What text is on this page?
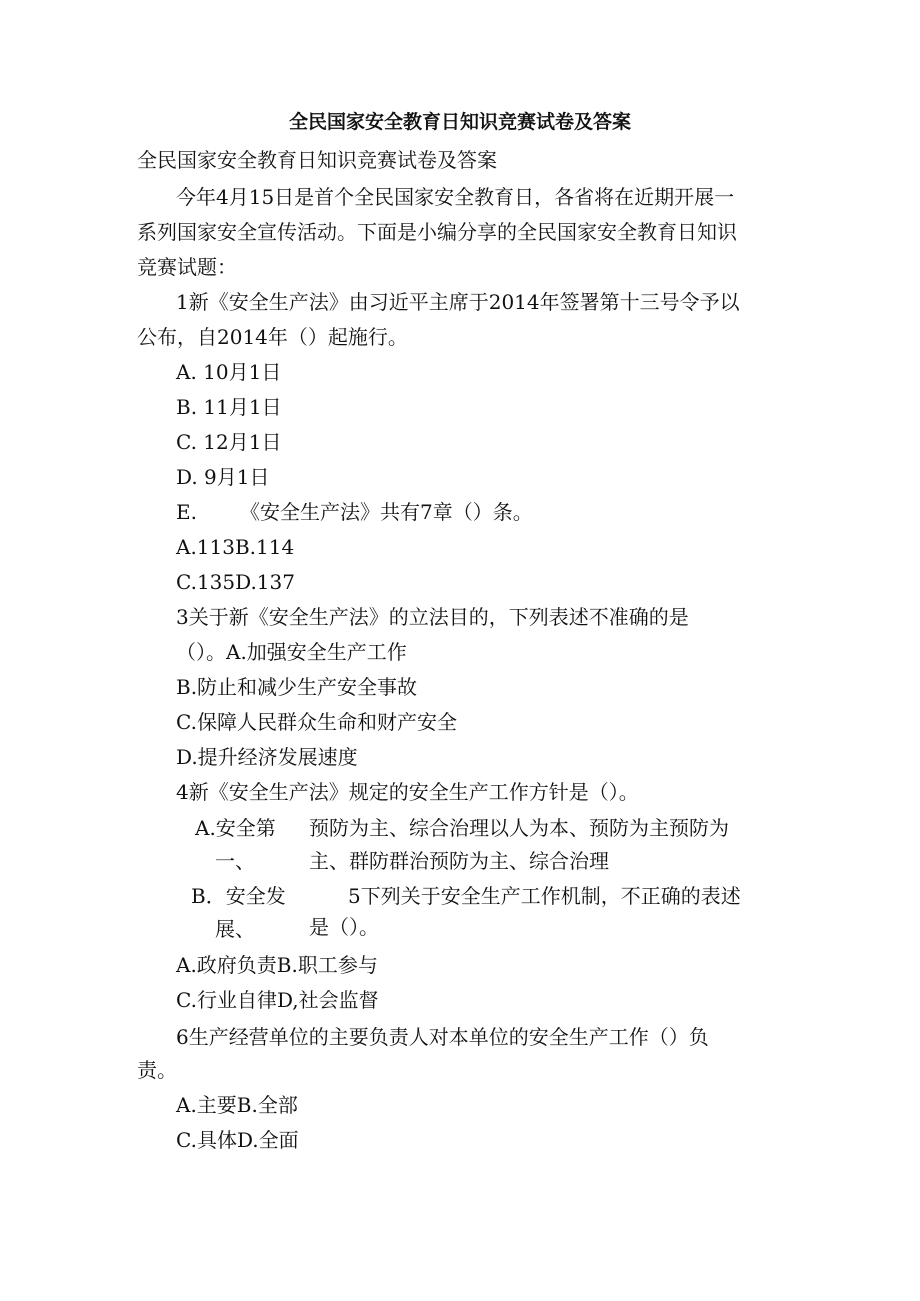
全民国家安全教育日知识竞赛试卷及答案
全民国家安全教育日知识竞赛试卷及答案
今年4月15日是首个全民国家安全教育日，各省将在近期开展一
系列国家安全宣传活动。下面是小编分享的全民国家安全教育日知识
竞赛试题：
1新《安全生产法》由习近平主席于2014年签署第十三号令予以
公布，自2014年（）起施行。
A. 10月1日
B. 11月1日
C. 12月1日
D. 9月1日
E. 《安全生产法》共有7章（）条。
A.113B.114
C.135D.137
3关于新《安全生产法》的立法目的，下列表述不准确的是
（）。A.加强安全生产工作
B.防止和减少生产安全事故
C.保障人民群众生命和财产安全
D.提升经济发展速度
4新《安全生产法》规定的安全生产工作方针是（）。
A.安全第
一、
预防为主、综合治理以人为本、预防为主预防为
主、群防群治预防为主、综合治理
B．安全发
展、
5下列关于安全生产工作机制，不正确的表述
是（）。
A.政府负责B.职工参与
C.行业自律D,社会监督
6生产经营单位的主要负责人对本单位的安全生产工作（）负
责。
A.主要B.全部
C.具体D.全面
